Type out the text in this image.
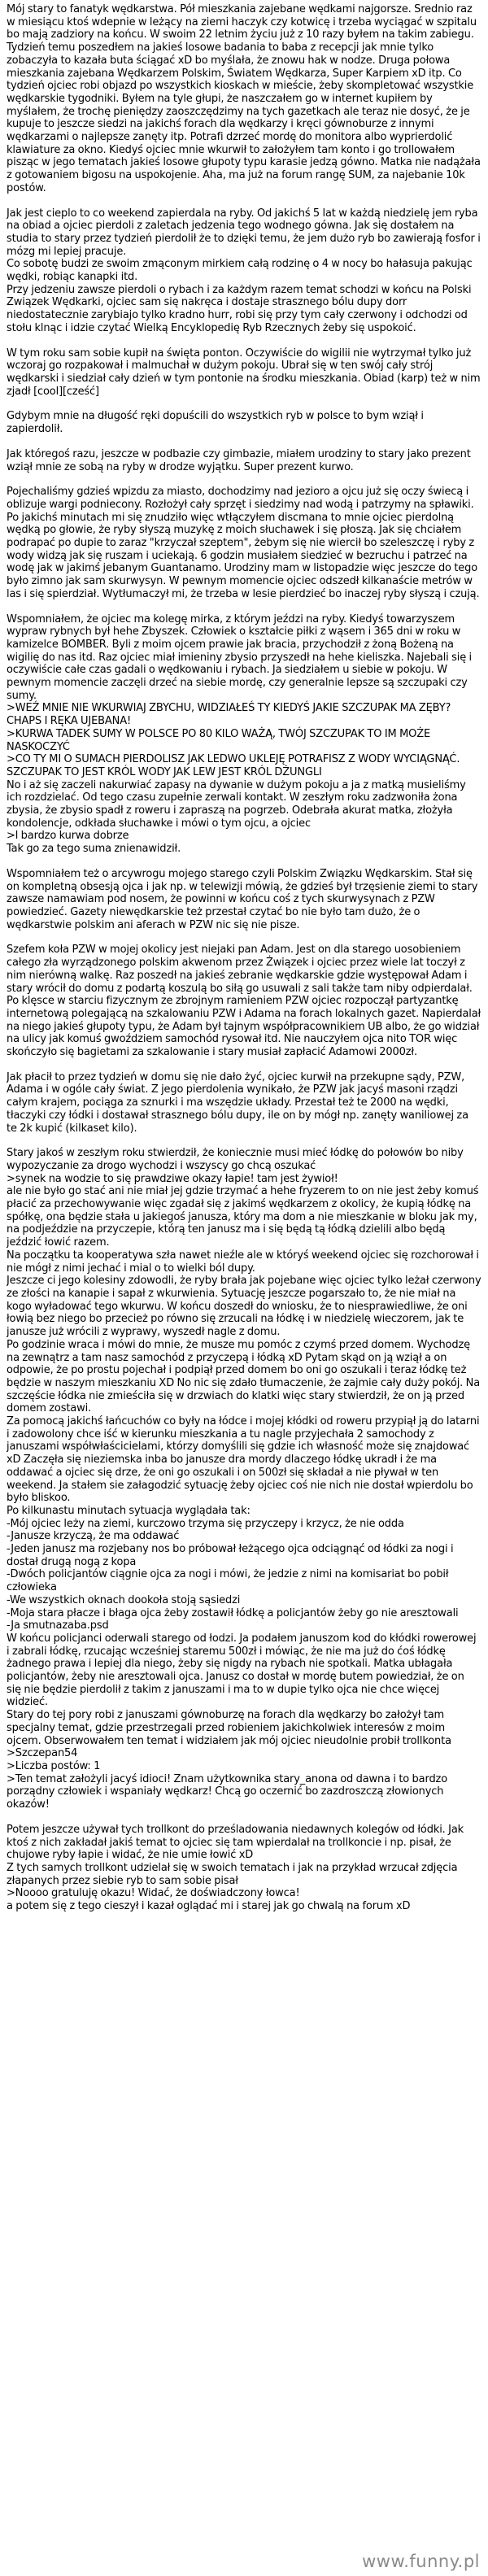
Mój stary to fanatyk wędkarstwa. Pół mieszkania zajebane wędkami najgorsze. Średnio raz w miesiącu ktoś wdepnie w leżący na ziemi haczyk czy kotwicę i trzeba wyciągać w szpitalu bo mają zadziory na końcu. W swoim 22 letnim życiu już z 10 razy byłem na takim zabiegu. Tydzień temu poszedłem na jakieś losowe badania to baba z recepcji jak mnie tylko zobaczyła to kazała buta ściągać xD bo myślała, że znowu hak w nodze. Druga połowa mieszkania zajebana Wędkarzem Polskim, Światem Wędkarza, Super Karpiem xD itp. Co tydzień ojciec robi objazd po wszystkich kioskach w mieście, żeby skompletować wszystkie wędkarskie tygodniki. Byłem na tyle głupi, że naszczałem go w internet kupiłem by myślałem, że trochę pieniędzy zaoszczędzimy na tych gazetkach ale teraz nie dosyć, że je kupuje to jeszcze siedzi na jakichś forach dla wędkarzy i kręci gównoburze z innymi wędkarzami o najlepsze zanęty itp. Potrafi dzrzeć mordę do monitora albo wyprierdolić klawiature za okno. Kiedyś ojciec mnie wkurwił to założyłem tam konto i go trollowałem pisząc w jego tematach jakieś losowe głupoty typu karasie jedzą gówno. Matka nie nadążała z gotowaniem bigosu na uspokojenie. Aha, ma już na forum rangę SUM, za najebanie 10k postów.
Jak jest cieplo to co weekend zapierdala na ryby. Od jakichś 5 lat w każdą niedzielę jem ryba na obiad a ojciec pierdoli z zaletach jedzenia tego wodnego gówna. Jak się dostałem na studia to stary przez tydzień pierdolił że to dzięki temu, że jem dużo ryb bo zawierają fosfor i mózg mi lepiej pracuje.
Co sobotę budzi ze swoim zmąconym mirkiem całą rodzinę o 4 w nocy bo hałasuja pakując wędki, robiąc kanapki itd.
Przy jedzeniu zawsze pierdoli o rybach i za każdym razem temat schodzi w końcu na Polski Związek Wędkarki, ojciec sam się nakręca i dostaje strasznego bólu dupy dorr niedostatecznie zarybiajo tylko kradno hurr, robi się przy tym cały czerwony i odchodzi od stołu klnąc i idzie czytać Wielką Encyklopedię Ryb Rzecznych żeby się uspokoić.
W tym roku sam sobie kupił na święta ponton. Oczywiście do wigilii nie wytrzymał tylko już wczoraj go rozpakował i malmuchał w dużym pokoju. Ubrał się w ten swój cały strój wędkarski i siedział cały dzień w tym pontonie na środku mieszkania. Obiad (karp) też w nim zjadł [cool][cześć]
Gdybym mnie na długość ręki dopuścili do wszystkich ryb w polsce to bym wziął i zapierdolił.
Jak któregoś razu, jeszcze w podbazie czy gimbazie, miałem urodziny to stary jako prezent wziął mnie ze sobą na ryby w drodze wyjątku. Super prezent kurwo.
Pojechaliśmy gdzieś wpizdu za miasto, dochodzimy nad jezioro a ojcu już się oczy świecą i oblizuje wargi podniecony. Rozłożył cały sprzęt i siedzimy nad wodą i patrzymy na spławiki. Po jakichś minutach mi się znudziło więc wtłączyłem discmana to mnie ojciec pierdolną wędką po głowie, że ryby słyszą muzykę z moich słuchawek i się płoszą. Jak się chciałem podrapać po dupie to zaraz "krzyczał szeptem", żebym się nie wiercił bo szeleszczę i ryby z wody widzą jak się ruszam i uciekają. 6 godzin musiałem siedzieć w bezruchu i patrzeć na wodę jak w jakimś jebanym Guantanamo. Urodziny mam w listopadzie więc jeszcze do tego było zimno jak sam skurwysyn. W pewnym momencie ojciec odszedł kilkanaście metrów w las i się spierdział. Wytłumaczył mi, że trzeba w lesie pierdzieć bo inaczej ryby słyszą i czują.
Wspomniałem, że ojciec ma kolegę mirka, z którym jeździ na ryby. Kiedyś towarzyszem wypraw rybnych był hehe Zbyszek. Człowiek o kształcie piłki z wąsem i 365 dni w roku w kamizelce BOMBER. Byli z moim ojcem prawie jak bracia, przychodził z żoną Bożeną na wigilię do nas itd. Raz ojciec miał imieniny zbysio przyszedł na hehe kieliszka. Najebali się i oczywiście całe czas gadali o wędkowaniu i rybach. Ja siedziałem u siebie w pokoju. W pewnym momencie zaczęli drzeć na siebie mordę, czy generalnie lepsze są szczupaki czy sumy.
>WEŹ MNIE NIE WKURWIAJ ZBYCHU, WIDZIAŁEŚ TY KIEDYŚ JAKIE SZCZUPAK MA ZĘBY? CHAPS I RĘKA UJEBANA!
>KURWA TADEK SUMY W POLSCE PO 80 KILO WAŻĄ, TWÓJ SZCZUPAK TO IM MOŻE NASKOCZYĆ
>CO TY MI O SUMACH PIERDOLISZ JAK LEDWO UKLEJĘ POTRAFISZ Z WODY WYCIĄGNĄĆ. SZCZUPAK TO JEST KRÓL WODY JAK LEW JEST KRÓL DŻUNGLI
No i aż się zaczeli nakurwiać zapasy na dywanie w dużym pokoju a ja z matką musieliśmy ich rozdzielać. Od tego czasu zupełnie zerwali kontakt. W zeszłym roku zadzwoniła żona zbysia, że zbysio spadł z roweru i zapraszą na pogrzeb. Odebrała akurat matka, złożyła kondolencje, odkłada słuchawke i mówi o tym ojcu, a ojciec
>l bardzo kurwa dobrze
Tak go za tego suma znienawidził.
Wspomniałem też o arcywrogu mojego starego czyli Polskim Związku Wędkarskim. Stał się on kompletną obsesją ojca i jak np. w telewizji mówią, że gdzieś był trzęsienie ziemi to stary zawsze namawiam pod nosem, że powinni w końcu coś z tych skurwysynach z PZW powiedzieć. Gazety niewędkarskie też przestał czytać bo nie było tam dużo, że o wędkarstwie polskim ani aferach w PZW nic się nie pisze.
Szefem koła PZW w mojej okolicy jest niejaki pan Adam. Jest on dla starego uosobieniem całego zła wyrządzonego polskim akwenom przez Żwiązek i ojciec przez wiele lat toczył z nim nierówną walkę. Raz poszedł na jakieś zebranie wędkarskie gdzie występował Adam i stary wrócił do domu z podartą koszulą bo siłą go usuwali z sali także tam niby odpierdalał.
Po klęsce w starciu fizycznym ze zbrojnym ramieniem PZW ojciec rozpoczął partyzantkę internetową polegającą na szkalowaniu PZW i Adama na forach lokalnych gazet. Napierdalał na niego jakieś głupoty typu, że Adam był tajnym współpracownikiem UB albo, że go widział na ulicy jak komuś gwoździem samochód rysował itd. Nie nauczyłem ojca nito TOR więc skończyło się bagietami za szkalowanie i stary musiał zapłacić Adamowi 2000zł.
Jak płacił to przez tydzień w domu się nie dało żyć, ojciec kurwił na przekupne sądy, PZW, Adama i w ogóle cały świat. Z jego pierdolenia wynikało, że PZW jak jacyś masoni rządzi całym krajem, pociąga za sznurki i ma wszędzie układy. Przestał też te 2000 na wędki, tłaczyki czy łódki i dostawał strasznego bólu dupy, ile on by mógł np. zanęty waniliowej za te 2k kupić (kilkaset kilo).
Stary jakoś w zeszłym roku stwierdził, że koniecznie musi mieć łódkę do połowów bo niby wypozyczanie za drogo wychodzi i wszyscy go chcą oszukać
>synek na wodzie to się prawdziwe okazy łapie! tam jest żywioł!
ale nie było go stać ani nie miał jej gdzie trzymać a hehe fryzerem to on nie jest żeby komuś płacić za przechowywanie więc zgadał się z jakimś wędkarzem z okolicy, że kupią łódkę na spółkę, ona będzie stała u jakiegoś janusza, który ma dom a nie mieszkanie w bloku jak my, na podjeździe na przyczepie, którą ten janusz ma i się będą tą łódką dzielili albo będą jeździć łowić razem.
Na początku ta kooperatywa szła nawet nieźle ale w któryś weekend ojciec się rozchorował i nie mógł z nimi jechać i mial o to wielki ból dupy.
Jeszcze ci jego kolesiny zdowodli, że ryby brała jak pojebane więc ojciec tylko leżał czerwony ze złości na kanapie i sapał z wkurwienia. Sytuację jeszcze pogarszało to, że nie miał na kogo wyładować tego wkurwu. W końcu doszedł do wniosku, że to niesprawiedliwe, że oni łowią bez niego bo przecież po równo się zrzucali na łódkę i w niedzielę wieczorem, jak te janusze już wrócili z wyprawy, wyszedł nagle z domu.
Po godzinie wraca i mówi do mnie, że musze mu pomóc z czymś przed domem. Wychodzę na zewnątrz a tam nasz samochód z przyczepą i łódką xD Pytam skąd on ją wziął a on odpowie, że po prostu pojechał i podpiął przed domem bo oni go oszukali i teraz łódkę też będzie w naszym mieszkaniu XD No nic się zdało tłumaczenie, że zajmie cały duży pokój. Na szczęście łódka nie zmieściła się w drzwiach do klatki więc stary stwierdził, że on ją przed domem zostawi.
Za pomocą jakichś łańcuchów co były na łódce i mojej kłódki od roweru przypiął ją do latarni i zadowolony chce iść w kierunku mieszkania a tu nagle przyjechała 2 samochody z januszami współwłaścicielami, którzy domyślili się gdzie ich własność może się znajdować xD Zaczęła się nieziemska inba bo janusze dra mordy dlaczego łódkę ukradł i że ma oddawać a ojciec się drze, że oni go oszukali i on 500zł się składał a nie pływał w ten weekend. Ja stałem sie załagodzić sytuację żeby ojciec coś nie nich nie dostał wpierdolu bo było bliskoo.
Po kilkunastu minutach sytuacja wyglądała tak:
-Mój ojciec leży na ziemi, kurczowo trzyma się przyczepy i krzycz, że nie odda
-Janusze krzyczą, że ma oddawać
-Jeden janusz ma rozjebany nos bo próbował łeżącego ojca odciągnąć od łódki za nogi i dostał drugą nogą z kopa
-Dwóch policjantów ciągnie ojca za nogi i mówi, że jedzie z nimi na komisariat bo pobił człowieka
-We wszystkich oknach dookoła stoją sąsiedzi
-Moja stara płacze i błaga ojca żeby zostawił łódkę a policjantów żeby go nie aresztowali
-Ja smutnazaba.psd
W końcu policjanci oderwali starego od łodzi. Ja podałem januszom kod do kłódki rowerowej i zabrali łódkę, rzucając wcześniej staremu 500zł i mówiąc, że nie ma już do ćoś łódkę żadnego prawa i lepiej dla niego, żeby się nigdy na rybach nie spotkali. Matka ubłagała policjantów, żeby nie aresztowali ojca. Janusz co dostał w mordę butem powiedział, że on się nie będzie pierdolił z takim z januszami i ma to w dupie tylko ojca nie chce więcej widzieć.
Stary do tej pory robi z januszami gównoburzę na forach dla wędkarzy bo założył tam specjalny temat, gdzie przestrzegali przed robieniem jakichkolwiek interesów z moim ojcem. Obserwowałem ten temat i widziałem jak mój ojciec nieudolnie probił trollkonta
>Szczepan54
>Liczba postów: 1
>Ten temat założyli jacyś idioci! Znam użytkownika stary_anona od dawna i to bardzo porządny człowiek i wspaniały wędkarz! Chcą go oczernić bo zazdroszczą złowionych okazów!
Potem jeszcze używał tych trollkont do prześladowania niedawnych kolegów od łódki. Jak ktoś z nich zakładał jakiś temat to ojciec się tam wpierdalał na trollkoncie i np. pisał, że chujowe ryby łapie i widać, że nie umie łowić xD
Z tych samych trollkont udzielał się w swoich tematach i jak na przykład wrzucał zdjęcia złapanych przez siebie ryb to sam sobie pisał
>Noooo gratuluję okazu! Widać, że doświadczony łowca!
a potem się z tego cieszył i kazał oglądać mi i starej jak go chwalą na forum xD
www.funny.pl
